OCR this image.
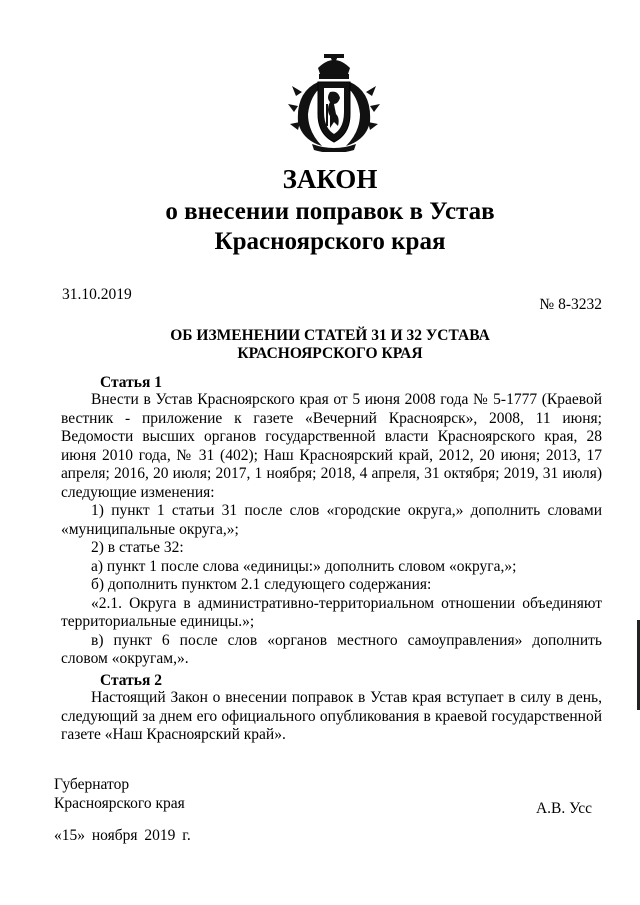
ЗАКОН
о внесении поправок в Устав
Красноярского края
31.10.2019
№ 8-3232
ОБ ИЗМЕНЕНИИ СТАТЕЙ 31 И 32 УСТАВА
КРАСНОЯРСКОГО КРАЯ
Статья 1

Внести в Устав Красноярского края от 5 июня 2008 года № 5-1777 (Краевой вестник - приложение к газете «Вечерний Красноярск», 2008, 11 июня; Ведомости высших органов государственной власти Красноярского края, 28 июня 2010 года, № 31 (402); Наш Красноярский край, 2012, 20 июня; 2013, 17 апреля; 2016, 20 июля; 2017, 1 ноября; 2018, 4 апреля, 31 октября; 2019, 31 июля) следующие изменения:

1) пункт 1 статьи 31 после слов «городские округа,» дополнить словами «муниципальные округа,»;

2) в статье 32:

а) пункт 1 после слова «единицы:» дополнить словом «округа,»;

б) дополнить пунктом 2.1 следующего содержания:

«2.1. Округа в административно-территориальном отношении объединяют территориальные единицы.»;

в) пункт 6 после слов «органов местного самоуправления» дополнить словом «округам,».

Статья 2

Настоящий Закон о внесении поправок в Устав края вступает в силу в день, следующий за днем его официального опубликования в краевой государственной газете «Наш Красноярский край».

Губернатор
Красноярского края	А.В. Усс
«15» ноября 2019 г.
